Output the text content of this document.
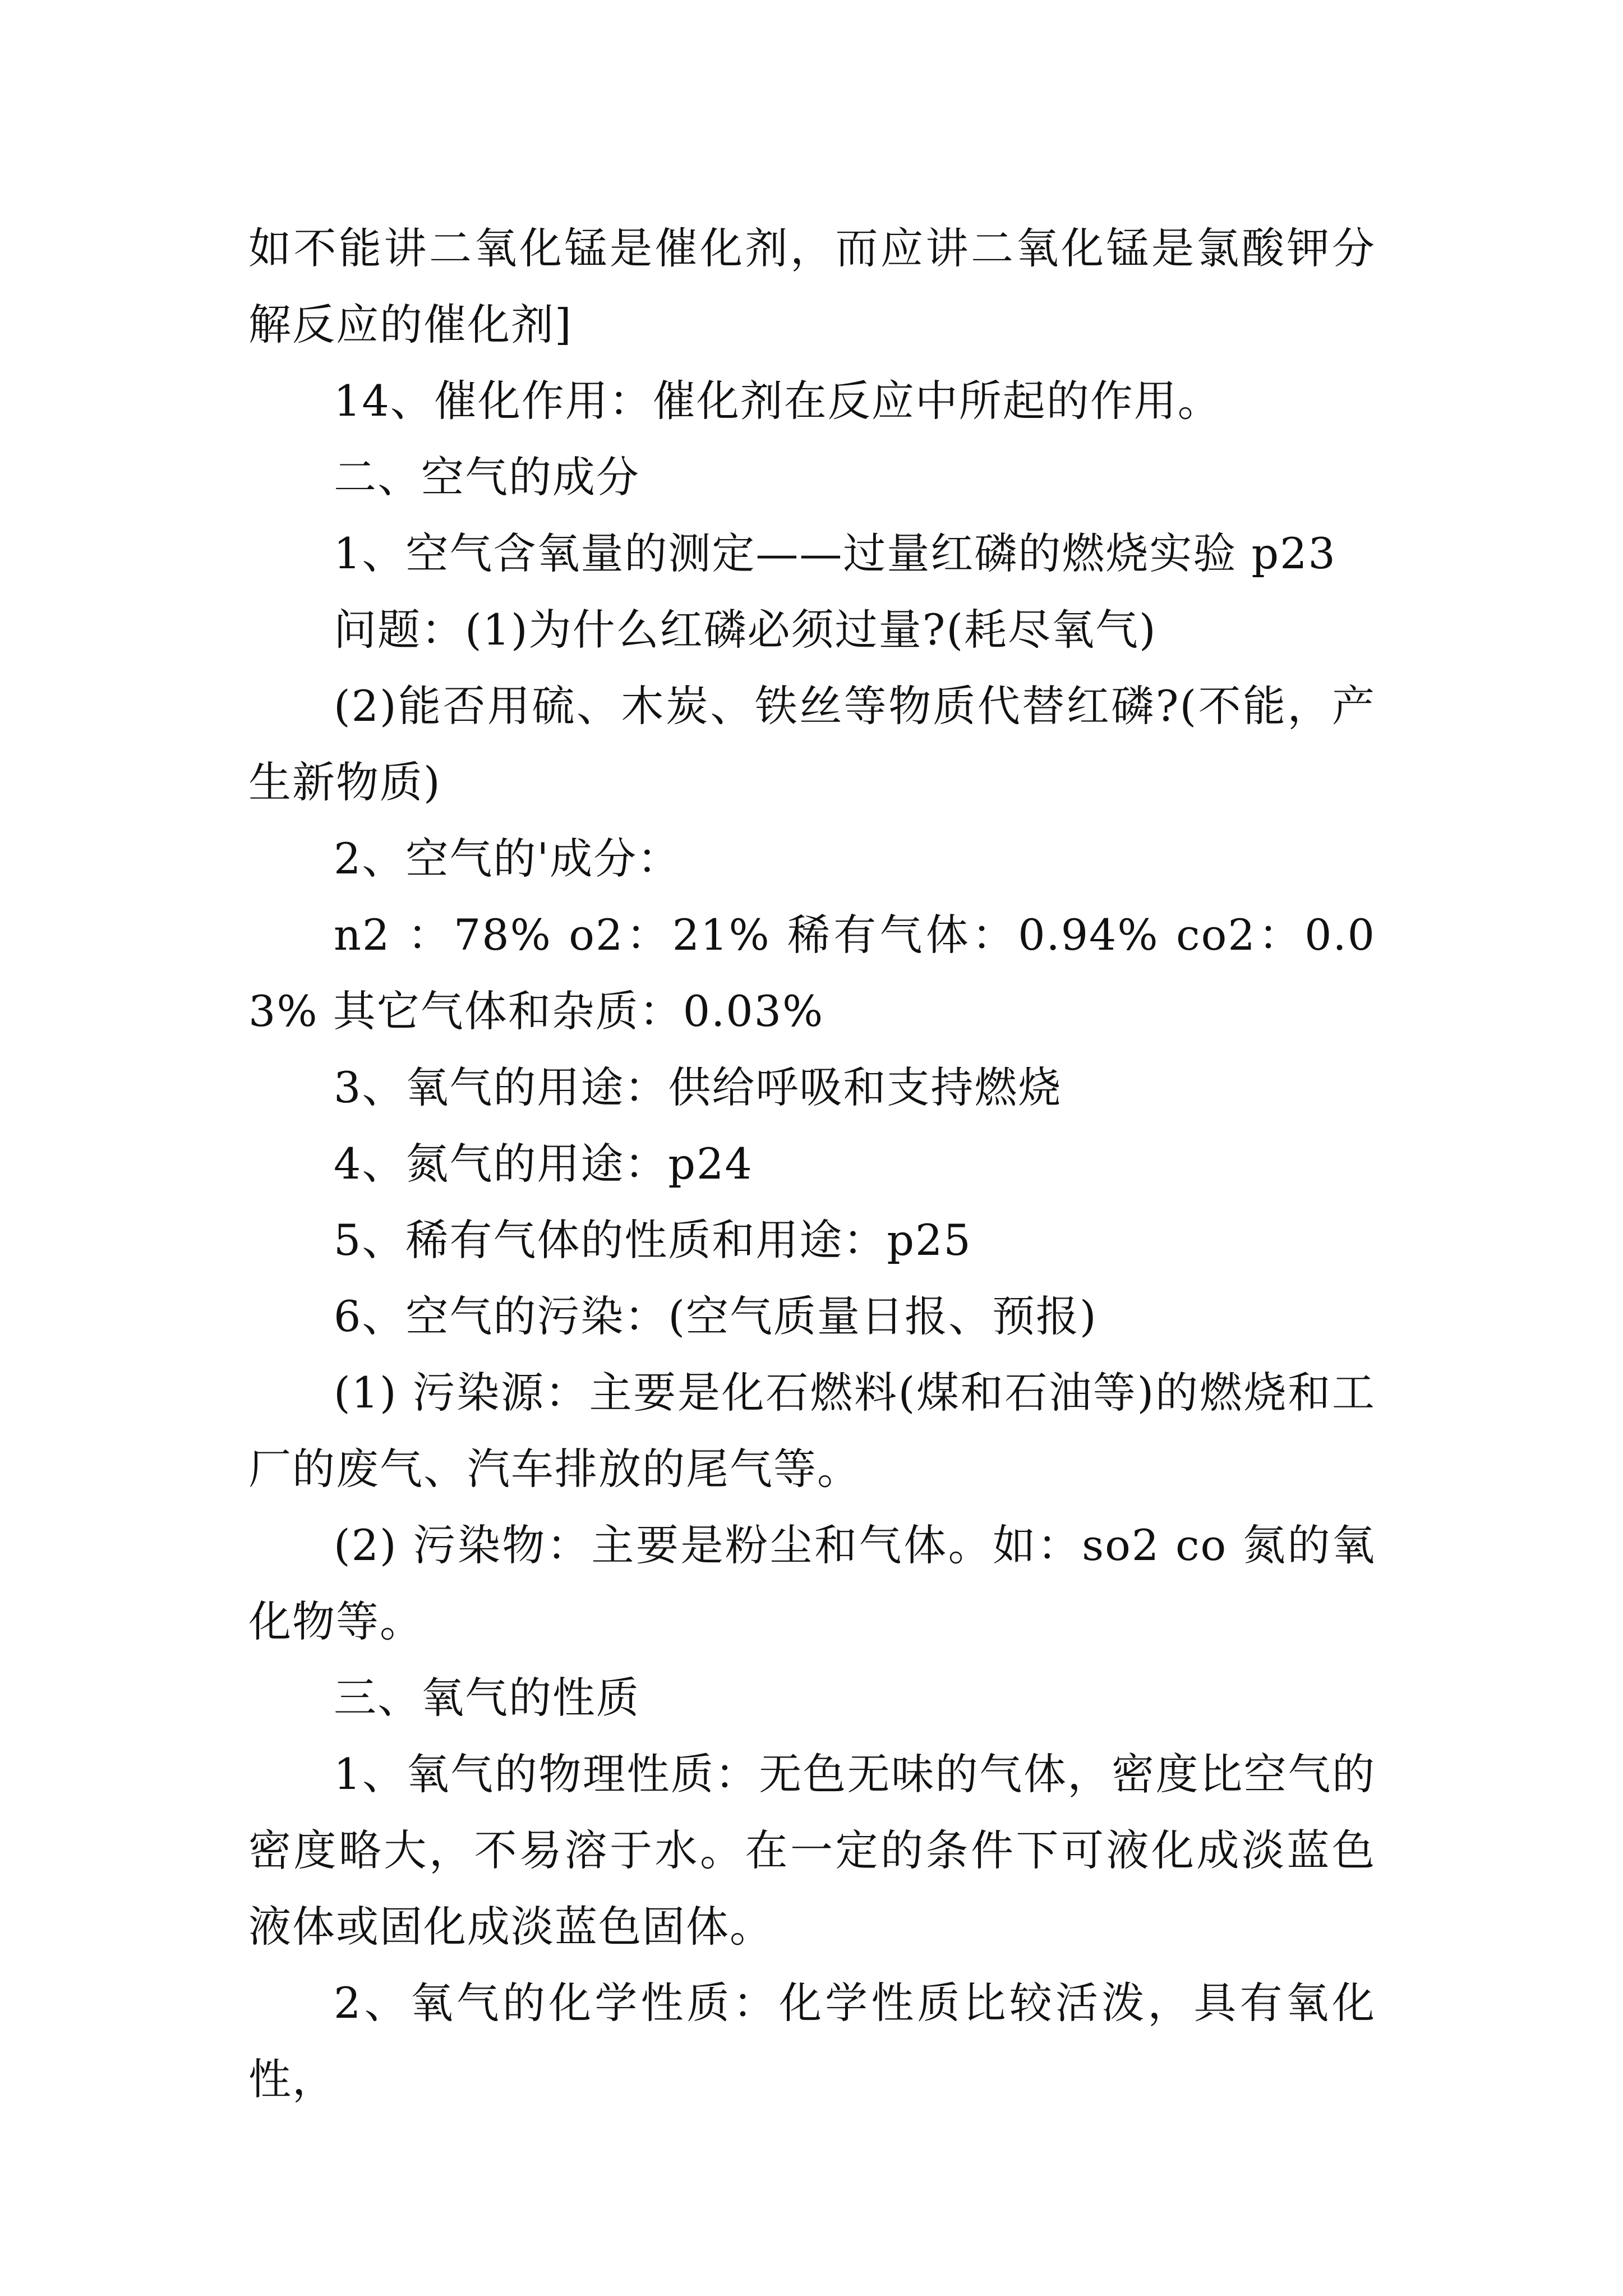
如不能讲二氧化锰是催化剂，而应讲二氧化锰是氯酸钾分解反应的催化剂]

14、催化作用：催化剂在反应中所起的作用。

二、空气的成分

1、空气含氧量的测定——过量红磷的燃烧实验 p23

问题：(1)为什么红磷必须过量?(耗尽氧气)

(2)能否用硫、木炭、铁丝等物质代替红磷?(不能，产生新物质)

2、空气的'成分：

n2 ：78% o2：21% 稀有气体：0.94% co2：0.03% 其它气体和杂质：0.03%

3、氧气的用途：供给呼吸和支持燃烧

4、氮气的用途：p24

5、稀有气体的性质和用途：p25

6、空气的污染：(空气质量日报、预报)

(1) 污染源：主要是化石燃料(煤和石油等)的燃烧和工厂的废气、汽车排放的尾气等。

(2) 污染物：主要是粉尘和气体。如：so2 co 氮的氧化物等。

三、氧气的性质

1、氧气的物理性质：无色无味的气体，密度比空气的密度略大，不易溶于水。在一定的条件下可液化成淡蓝色液体或固化成淡蓝色固体。

2、氧气的化学性质：化学性质比较活泼，具有氧化性，
